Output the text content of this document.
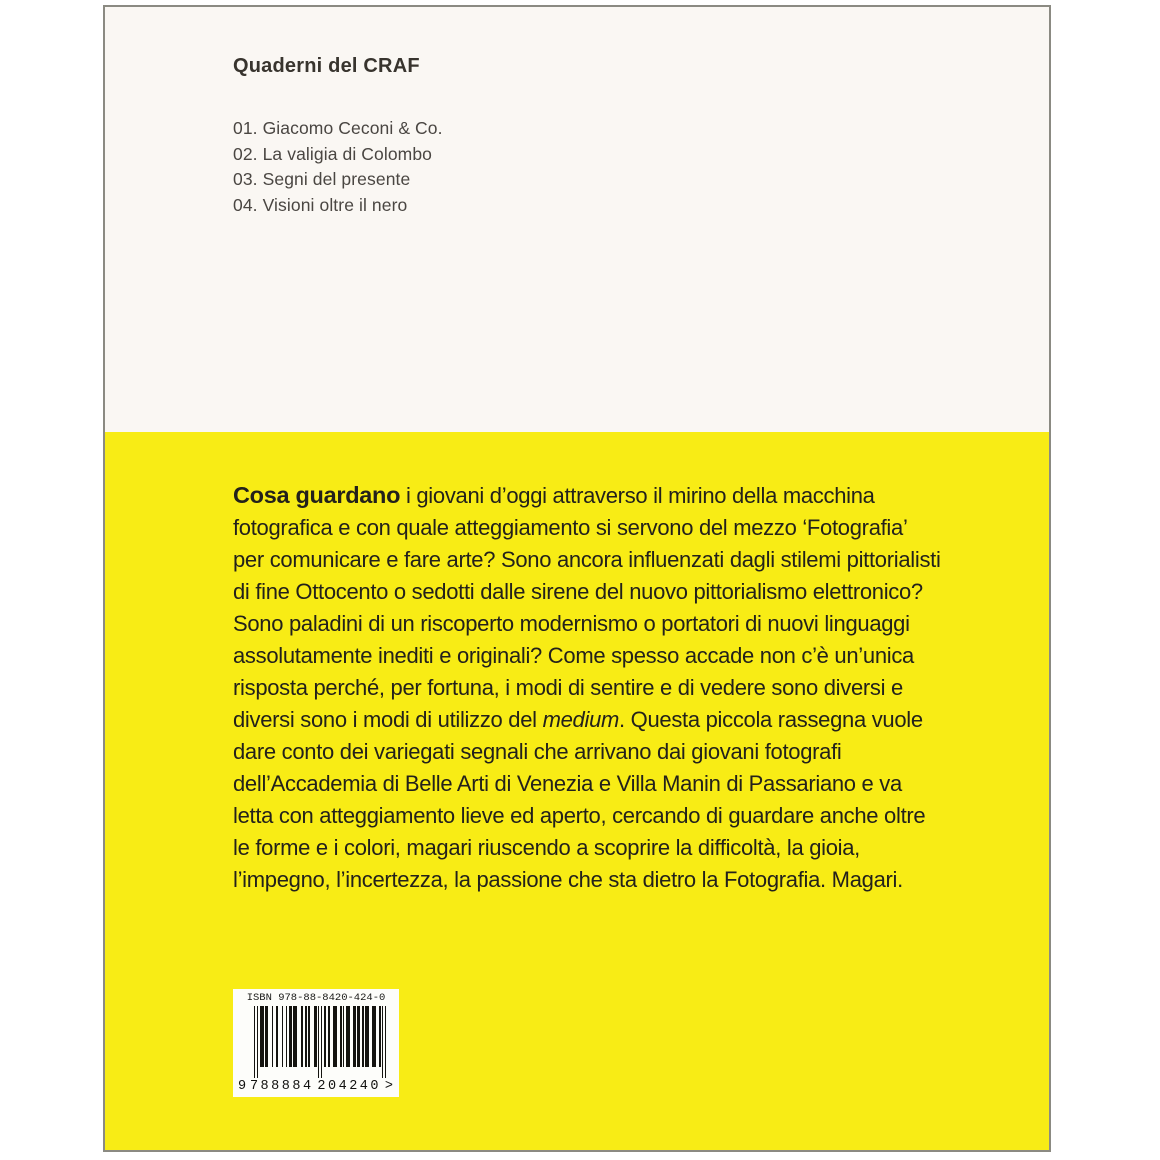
Quaderni del CRAF
01. Giacomo Ceconi & Co.
02. La valigia di Colombo
03. Segni del presente
04. Visioni oltre il nero

Cosa guardano i giovani d’oggi attraverso il mirino della macchina fotografica e con quale atteggiamento si servono del mezzo ‘Fotografia’ per comunicare e fare arte? Sono ancora influenzati dagli stilemi pittorialisti di fine Ottocento o sedotti dalle sirene del nuovo pittorialismo elettronico? Sono paladini di un riscoperto modernismo o portatori di nuovi linguaggi assolutamente inediti e originali? Come spesso accade non c’è un’unica risposta perché, per fortuna, i modi di sentire e di vedere sono diversi e diversi sono i modi di utilizzo del medium. Questa piccola rassegna vuole dare conto dei variegati segnali che arrivano dai giovani fotografi dell’Accademia di Belle Arti di Venezia e Villa Manin di Passariano e va letta con atteggiamento lieve ed aperto, cercando di guardare anche oltre le forme e i colori, magari riuscendo a scoprire la difficoltà, la gioia, l’impegno, l’incertezza, la passione che sta dietro la Fotografia. Magari.

ISBN 978-88-8420-424-0
9 788884 204240 >
